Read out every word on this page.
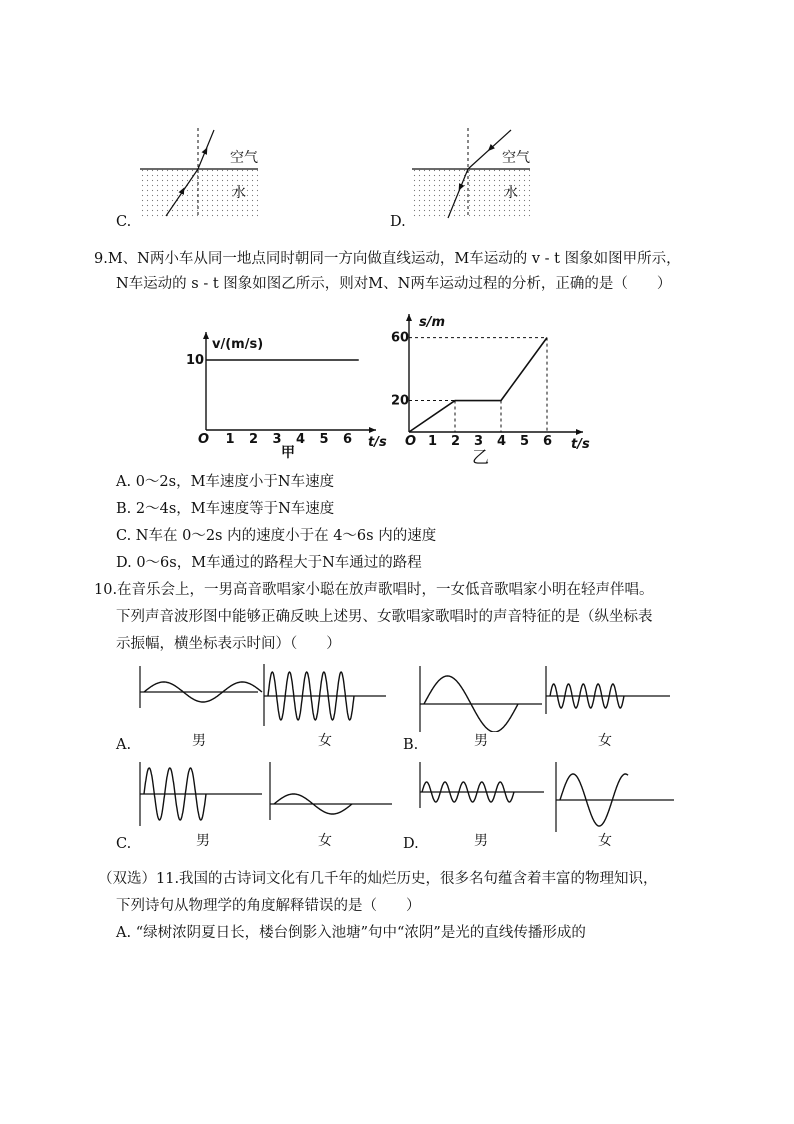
空气
水
C.
空气
水
D.
9.M、N两小车从同一地点同时朝同一方向做直线运动，M车运动的 v - t 图象如图甲所示，
N车运动的 s - t 图象如图乙所示，则对M、N两车运动过程的分析，正确的是（　　）
1 2 3 4 5 6
10
O
v/(m/s)
t/s
甲
1 2 3 4 5 6
20
60
O
s/m
t/s
乙
A. 0～2s，M车速度小于N车速度
B. 2～4s，M车速度等于N车速度
C. N车在 0～2s 内的速度小于在 4～6s 内的速度
D. 0～6s，M车通过的路程大于N车通过的路程
10.在音乐会上，一男高音歌唱家小聪在放声歌唱时，一女低音歌唱家小明在轻声伴唱。
下列声音波形图中能够正确反映上述男、女歌唱家歌唱时的声音特征的是（纵坐标表
示振幅，横坐标表示时间）（　　）
A.	男	女	B.	男	女
C.	男	女	D.	男	女
（双选）11.我国的古诗词文化有几千年的灿烂历史，很多名句蕴含着丰富的物理知识，
下列诗句从物理学的角度解释错误的是（　　）
A. “绿树浓阴夏日长，楼台倒影入池塘”句中“浓阴”是光的直线传播形成的
